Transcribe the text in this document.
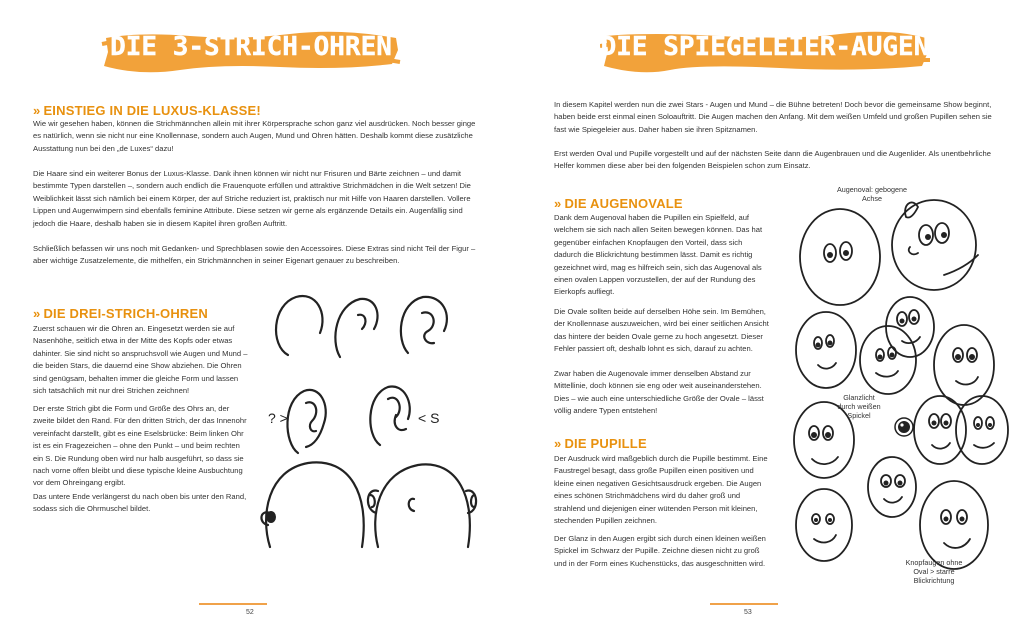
DIE 3-STRICH-OHREN
» EINSTIEG IN DIE LUXUS-KLASSE!

Wie wir gesehen haben, können die Strichmännchen allein mit ihrer Körpersprache schon ganz viel ausdrücken. Noch besser ginge es natürlich, wenn sie nicht nur eine Knollennase, sondern auch Augen, Mund und Ohren hätten. Deshalb kommt diese zusätzliche Ausstattung nun bei den „de Luxes“ dazu!

Die Haare sind ein weiterer Bonus der Luxus-Klasse. Dank ihnen können wir nicht nur Frisuren und Bärte zeichnen – und damit bestimmte Typen darstellen –, sondern auch endlich die Frauenquote erfüllen und attraktive Strichmädchen in die Welt setzen! Die Weiblichkeit lässt sich nämlich bei einem Körper, der auf Striche reduziert ist, praktisch nur mit Hilfe von Haaren darstellen. Vollere Lippen und Augenwimpern sind ebenfalls feminine Attribute. Diese setzen wir gerne als ergänzende Details ein. Augenfällig sind jedoch die Haare, deshalb haben sie in diesem Kapitel ihren großen Auftritt.

Schließlich befassen wir uns noch mit Gedanken- und Sprechblasen sowie den Accessoires. Diese Extras sind nicht Teil der Figur – aber wichtige Zusatzelemente, die mithelfen, ein Strichmännchen in seiner Eigenart genauer zu beschreiben.

» DIE DREI-STRICH-OHREN

Zuerst schauen wir die Ohren an. Eingesetzt werden sie auf Nasenhöhe, seitlich etwa in der Mitte des Kopfs oder etwas dahinter. Sie sind nicht so anspruchsvoll wie Augen und Mund – die beiden Stars, die dauernd eine Show abziehen. Die Ohren sind genügsam, behalten immer die gleiche Form und lassen sich tatsächlich mit nur drei Strichen zeichnen!

Der erste Strich gibt die Form und Größe des Ohrs an, der zweite bildet den Rand. Für den dritten Strich, der das Innenohr vereinfacht darstellt, gibt es eine Eselsbrücke: Beim linken Ohr ist es ein Fragezeichen – ohne den Punkt – und beim rechten ein S. Die Rundung oben wird nur halb ausgeführt, so dass sie nach vorne offen bleibt und diese typische kleine Ausbuchtung vor dem Ohreingang ergibt.

Das untere Ende verlängerst du nach oben bis unter den Rand, sodass sich die Ohrmuschel bildet.

? >	< S
52
DIE SPIEGELEIER-AUGEN

In diesem Kapitel werden nun die zwei Stars - Augen und Mund – die Bühne betreten! Doch bevor die gemeinsame Show beginnt, haben beide erst einmal einen Soloauftritt. Die Augen machen den Anfang. Mit dem weißen Umfeld und großen Pupillen sehen sie fast wie Spiegeleier aus. Daher haben sie ihren Spitznamen.

Erst werden Oval und Pupille vorgestellt und auf der nächsten Seite dann die Augenbrauen und die Augenlider. Als unentbehrliche Helfer kommen diese aber bei den folgenden Beispielen schon zum Einsatz.

» DIE AUGENOVALE

Dank dem Augenoval haben die Pupillen ein Spielfeld, auf welchem sie sich nach allen Seiten bewegen können. Das hat gegenüber einfachen Knopfaugen den Vorteil, dass sich dadurch die Blickrichtung bestimmen lässt. Damit es richtig gezeichnet wird, mag es hilfreich sein, sich das Augenoval als einen ovalen Lappen vorzustellen, der auf der Rundung des Eierkopfs aufliegt.

Die Ovale sollten beide auf derselben Höhe sein. Im Bemühen, der Knollennase auszuweichen, wird bei einer seitlichen Ansicht das hintere der beiden Ovale gerne zu hoch angesetzt. Dieser Fehler passiert oft, deshalb lohnt es sich, darauf zu achten.

Zwar haben die Augenovale immer denselben Abstand zur Mittellinie, doch können sie eng oder weit auseinanderstehen. Dies – wie auch eine unterschiedliche Größe der Ovale – lässt völlig andere Typen entstehen!

» DIE PUPILLE

Der Ausdruck wird maßgeblich durch die Pupille bestimmt. Eine Faustregel besagt, dass große Pupillen einen positiven und kleine einen negativen Gesichtsausdruck ergeben. Die Augen eines schönen Strichmädchens wird du daher groß und strahlend und diejenigen einer wütenden Person mit kleinen, stechenden Pupillen zeichnen.

Der Glanz in den Augen ergibt sich durch einen kleinen weißen Spickel im Schwarz der Pupille. Zeichne diesen nicht zu groß und in der Form eines Kuchenstücks, das ausgeschnitten wird.

Augenoval: gebogene Achse
Glanzlicht durch weißen Spickel
Knopfaugen ohne Oval > starre Blickrichtung
53
